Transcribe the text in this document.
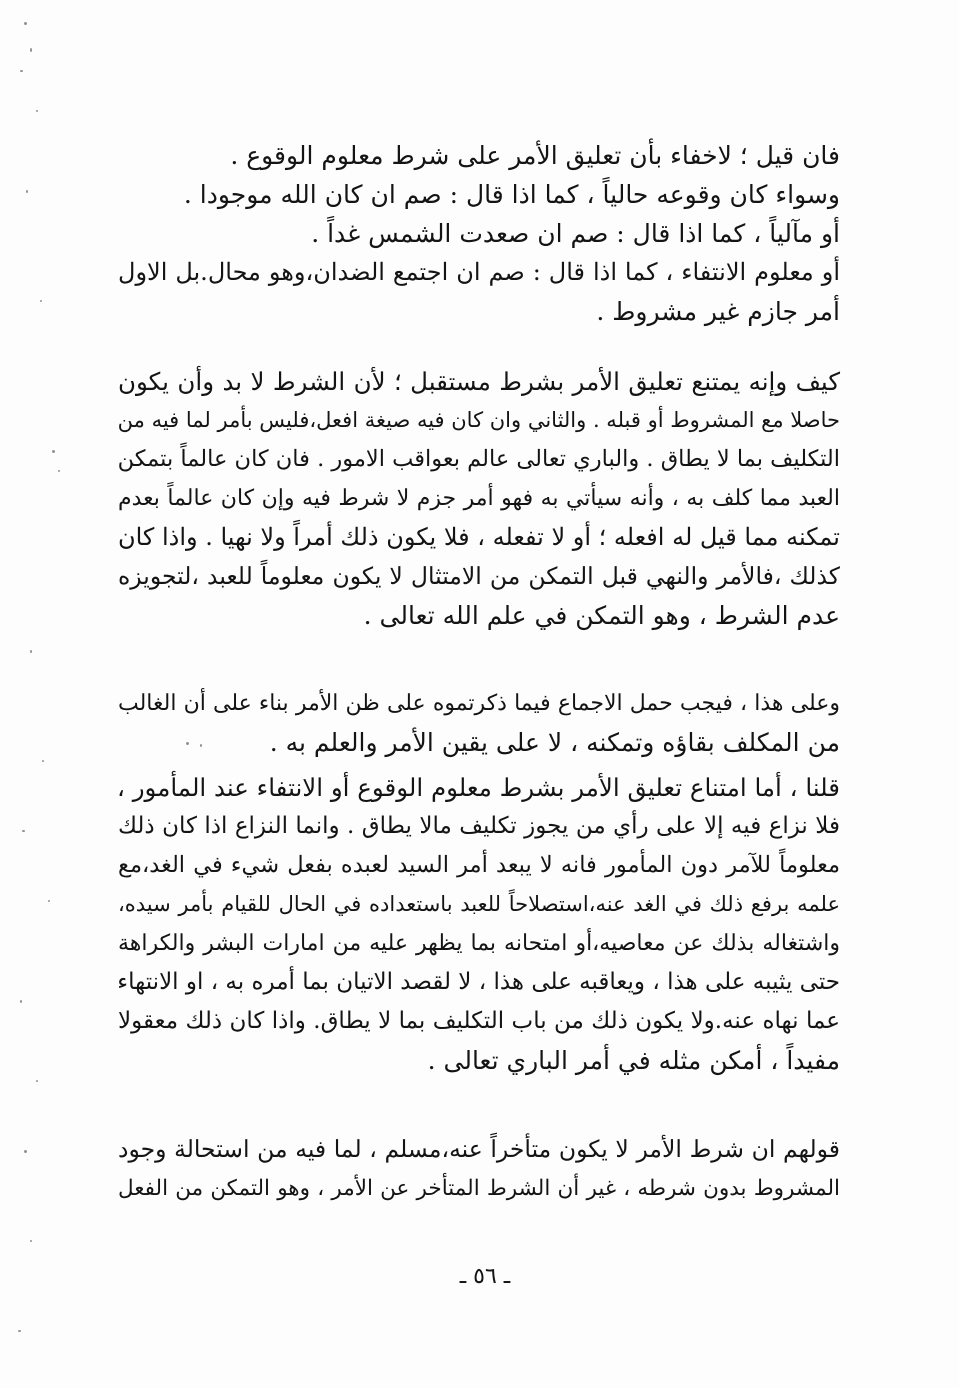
فان قيل ؛ لاخفاء بأن تعليق الأمر على شرط معلوم الوقوع .
وسواء كان وقوعه حالياً ، كما اذا قال : صم ان كان الله موجودا .
أو مآلياً ، كما اذا قال : صم ان صعدت الشمس غداً .
أو معلوم الانتفاء ، كما اذا قال : صم ان اجتمع الضدان،وهو محال.بل الاول
أمر جازم غير مشروط .
كيف وإنه يمتنع تعليق الأمر بشرط مستقبل ؛ لأن الشرط لا بد وأن يكون
حاصلا مع المشروط أو قبله . والثاني وان كان فيه صيغة افعل،فليس بأمر لما فيه من
التكليف بما لا يطاق . والباري تعالى عالم بعواقب الامور . فان كان عالماً بتمكن
العبد مما كلف به ، وأنه سيأتي به فهو أمر جزم لا شرط فيه وإن كان عالماً بعدم
تمكنه مما قيل له افعله ؛ أو لا تفعله ، فلا يكون ذلك أمراً ولا نهيا . واذا كان
كذلك ،فالأمر والنهي قبل التمكن من الامتثال لا يكون معلوماً للعبد ،لتجويزه
عدم الشرط ، وهو التمكن في علم الله تعالى .
وعلى هذا ، فيجب حمل الاجماع فيما ذكرتموه على ظن الأمر بناء على أن الغالب
من المكلف بقاؤه وتمكنه ، لا على يقين الأمر والعلم به .
قلنا ، أما امتناع تعليق الأمر بشرط معلوم الوقوع أو الانتفاء عند المأمور ،
فلا نزاع فيه إلا على رأي من يجوز تكليف مالا يطاق . وانما النزاع اذا كان ذلك
معلوماً للآمر دون المأمور فانه لا يبعد أمر السيد لعبده بفعل شيء في الغد،مع
علمه برفع ذلك في الغد عنه،استصلاحاً للعبد باستعداده في الحال للقيام بأمر سيده،
واشتغاله بذلك عن معاصيه،أو امتحانه بما يظهر عليه من امارات البشر والكراهة
حتى يثيبه على هذا ، ويعاقبه على هذا ، لا لقصد الاتيان بما أمره به ، او الانتهاء
عما نهاه عنه.ولا يكون ذلك من باب التكليف بما لا يطاق. واذا كان ذلك معقولا
مفيداً ، أمكن مثله في أمر الباري تعالى .
قولهم ان شرط الأمر لا يكون متأخراً عنه،مسلم ، لما فيه من استحالة وجود
المشروط بدون شرطه ، غير أن الشرط المتأخر عن الأمر ، وهو التمكن من الفعل
ـ ٥٦ ـ
